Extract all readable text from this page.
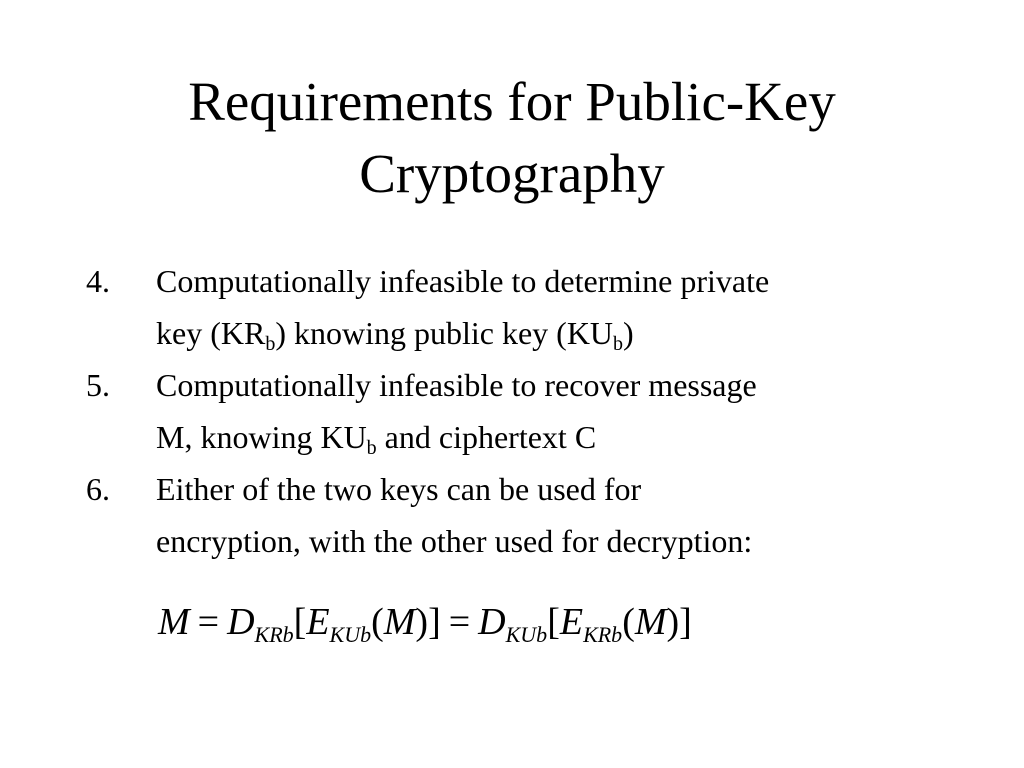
Requirements for Public-Key
Cryptography
4. Computationally infeasible to determine private
key $(KR_b)$ knowing public key $(KU_b)$
5. Computationally infeasible to recover message
M, knowing $KU_b$ and ciphertext C
6. Either of the two keys can be used for
encryption, with the other used for decryption:
$M = D_{KRb}[E_{KUb}(M)] = D_{KUb}[E_{KRb}(M)]$
